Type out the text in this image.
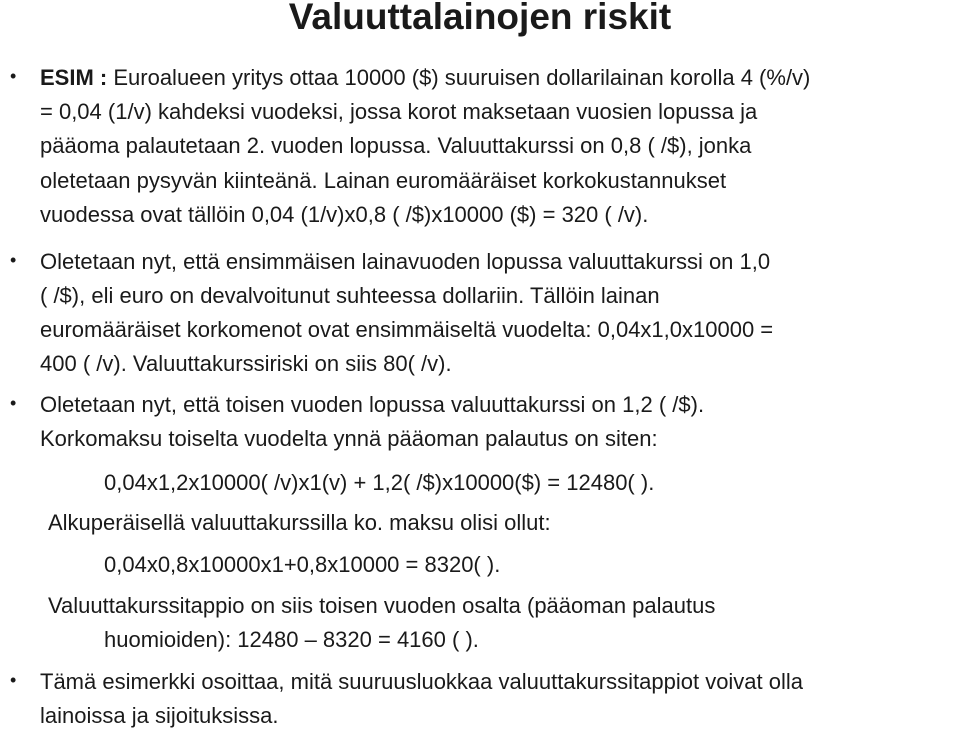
Valuuttalainojen riskit
• ESIM : Euroalueen yritys ottaa 10000 ($) suuruisen dollarilainan korolla 4 (%/v)
= 0,04 (1/v) kahdeksi vuodeksi, jossa korot maksetaan vuosien lopussa ja
pääoma palautetaan 2. vuoden lopussa. Valuuttakurssi on 0,8 ( /$), jonka
oletetaan pysyvän kiinteänä. Lainan euromääräiset korkokustannukset
vuodessa ovat tällöin 0,04 (1/v)x0,8 ( /$)x10000 ($) = 320 ( /v).
• Oletetaan nyt, että ensimmäisen lainavuoden lopussa valuuttakurssi on 1,0
( /$), eli euro on devalvoitunut suhteessa dollariin. Tällöin lainan
euromääräiset korkomenot ovat ensimmäiseltä vuodelta: 0,04x1,0x10000 =
400 ( /v). Valuuttakurssiriski on siis 80( /v).
• Oletetaan nyt, että toisen vuoden lopussa valuuttakurssi on 1,2 ( /$).
Korkomaksu toiselta vuodelta ynnä pääoman palautus on siten:
0,04x1,2x10000( /v)x1(v) + 1,2( /$)x10000($) = 12480( ).
Alkuperäisellä valuuttakurssilla ko. maksu olisi ollut:
0,04x0,8x10000x1+0,8x10000 = 8320( ).
Valuuttakurssitappio on siis toisen vuoden osalta (pääoman palautus
huomioiden): 12480 – 8320 = 4160 ( ).
• Tämä esimerkki osoittaa, mitä suuruusluokkaa valuuttakurssitappiot voivat olla
lainoissa ja sijoituksissa.
